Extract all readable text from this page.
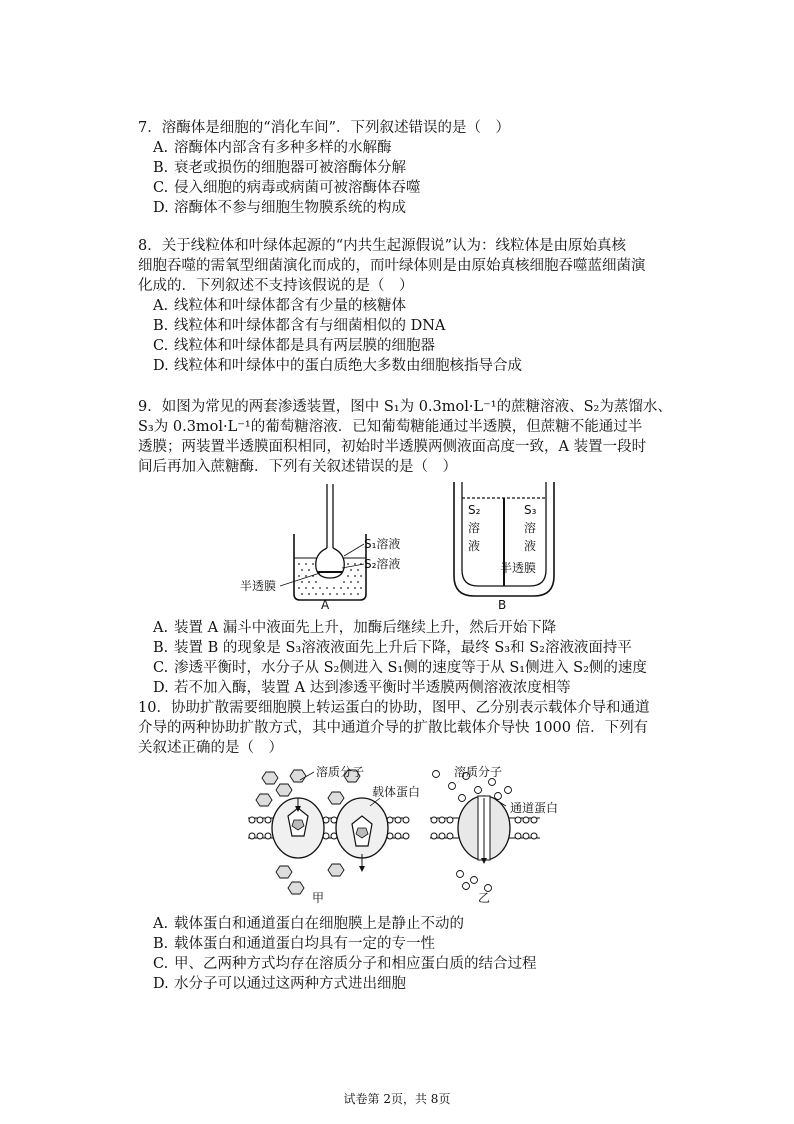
7．溶酶体是细胞的“消化车间”．下列叙述错误的是（　）

A. 溶酶体内部含有多种多样的水解酶

B. 衰老或损伤的细胞器可被溶酶体分解

C. 侵入细胞的病毒或病菌可被溶酶体吞噬

D. 溶酶体不参与细胞生物膜系统的构成

8．关于线粒体和叶绿体起源的“内共生起源假说”认为：线粒体是由原始真核

细胞吞噬的需氧型细菌演化而成的，而叶绿体则是由原始真核细胞吞噬蓝细菌演

化成的．下列叙述不支持该假说的是（　）

A. 线粒体和叶绿体都含有少量的核糖体

B. 线粒体和叶绿体都含有与细菌相似的 DNA

C. 线粒体和叶绿体都是具有两层膜的细胞器

D. 线粒体和叶绿体中的蛋白质绝大多数由细胞核指导合成

9．如图为常见的两套渗透装置，图中 S₁为 0.3mol·L⁻¹的蔗糖溶液、S₂为蒸馏水、

S₃为 0.3mol·L⁻¹的葡萄糖溶液．已知葡萄糖能通过半透膜，但蔗糖不能通过半

透膜；两装置半透膜面积相同，初始时半透膜两侧液面高度一致，A 装置一段时

间后再加入蔗糖酶．下列有关叙述错误的是（　）

S₁溶液
S₂溶液
半透膜
A
S₂
溶
液
S₃
溶
液
半透膜
B

A. 装置 A 漏斗中液面先上升，加酶后继续上升，然后开始下降

B. 装置 B 的现象是 S₃溶液液面先上升后下降，最终 S₃和 S₂溶液液面持平

C. 渗透平衡时，水分子从 S₂侧进入 S₁侧的速度等于从 S₁侧进入 S₂侧的速度

D. 若不加入酶，装置 A 达到渗透平衡时半透膜两侧溶液浓度相等

10．协助扩散需要细胞膜上转运蛋白的协助，图甲、乙分别表示载体介导和通道

介导的两种协助扩散方式，其中通道介导的扩散比载体介导快 1000 倍．下列有

关叙述正确的是（　）

溶质分子
载体蛋白
甲
溶质分子
通道蛋白
乙

A. 载体蛋白和通道蛋白在细胞膜上是静止不动的

B. 载体蛋白和通道蛋白均具有一定的专一性

C. 甲、乙两种方式均存在溶质分子和相应蛋白质的结合过程

D. 水分子可以通过这两种方式进出细胞

试卷第 2页，共 8页
